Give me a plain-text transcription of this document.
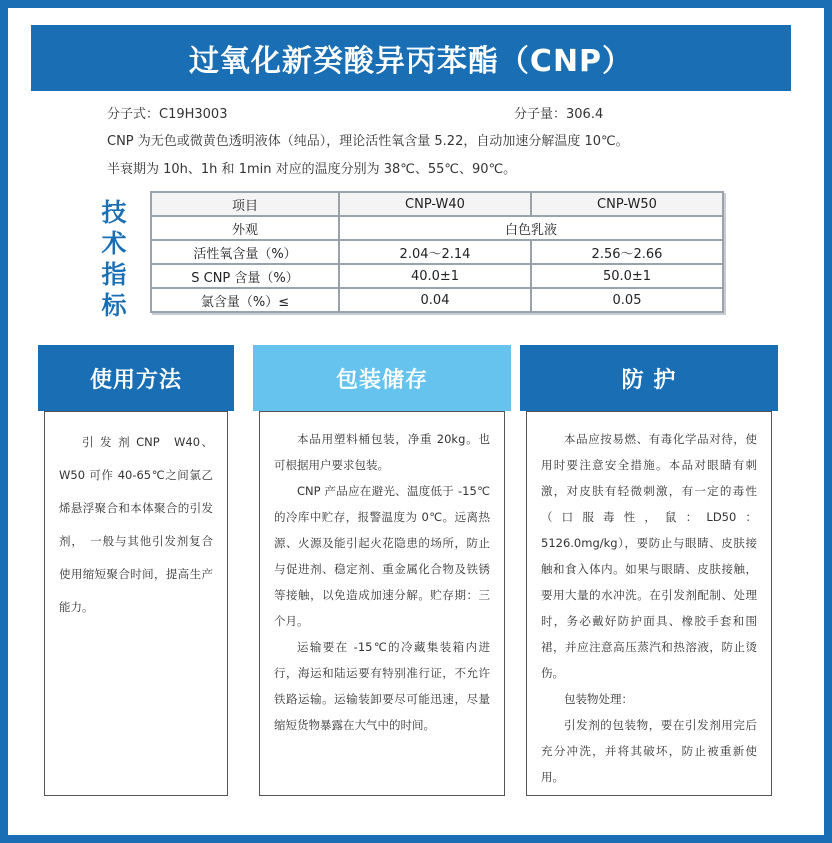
过氧化新癸酸异丙苯酯（CNP）
分子式：C19H3003	分子量：306.4
CNP 为无色或微黄色透明液体（纯品），理论活性氧含量 5.22，自动加速分解温度 10℃。
半衰期为 10h、1h 和 1min 对应的温度分别为 38℃、55℃、90℃。
技术指标
项目	CNP-W40	CNP-W50
外观	白色乳液	
活性氧含量（%）	2.04～2.14	2.56～2.66
S CNP 含量（%）	40.0±1	50.0±1
氯含量（%）≤	0.04	0.05
使用方法

引 发 剂 CNP　W40、W50 可作 40-65℃之间氯乙烯悬浮聚合和本体聚合的引发剂，　一般与其他引发剂复合使用缩短聚合时间，提高生产能力。

包装储存

本品用塑料桶包装，净重 20kg。也可根据用户要求包装。

CNP 产品应在避光、温度低于 -15℃的冷库中贮存，报警温度为 0℃。远离热源、火源及能引起火花隐患的场所，防止与促进剂、稳定剂、重金属化合物及铁锈等接触，以免造成加速分解。贮存期：三个月。

运输要在 -15℃的冷藏集装箱内进行，海运和陆运要有特别准行证，不允许铁路运输。运输装卸要尽可能迅速，尽量缩短货物暴露在大气中的时间。

防 护

本品应按易燃、有毒化学品对待，使用时要注意安全措施。本品对眼睛有刺激，对皮肤有轻微刺激，有一定的毒性（口服毒性，鼠：LD50：5126.0mg/kg），要防止与眼睛、皮肤接触和食入体内。如果与眼睛、皮肤接触，要用大量的水冲洗。在引发剂配制、处理时，务必戴好防护面具、橡胶手套和围裙，并应注意高压蒸汽和热溶液，防止烫伤。

包装物处理：

引发剂的包装物，要在引发剂用完后充分冲洗，并将其破坏，防止被重新使用。
